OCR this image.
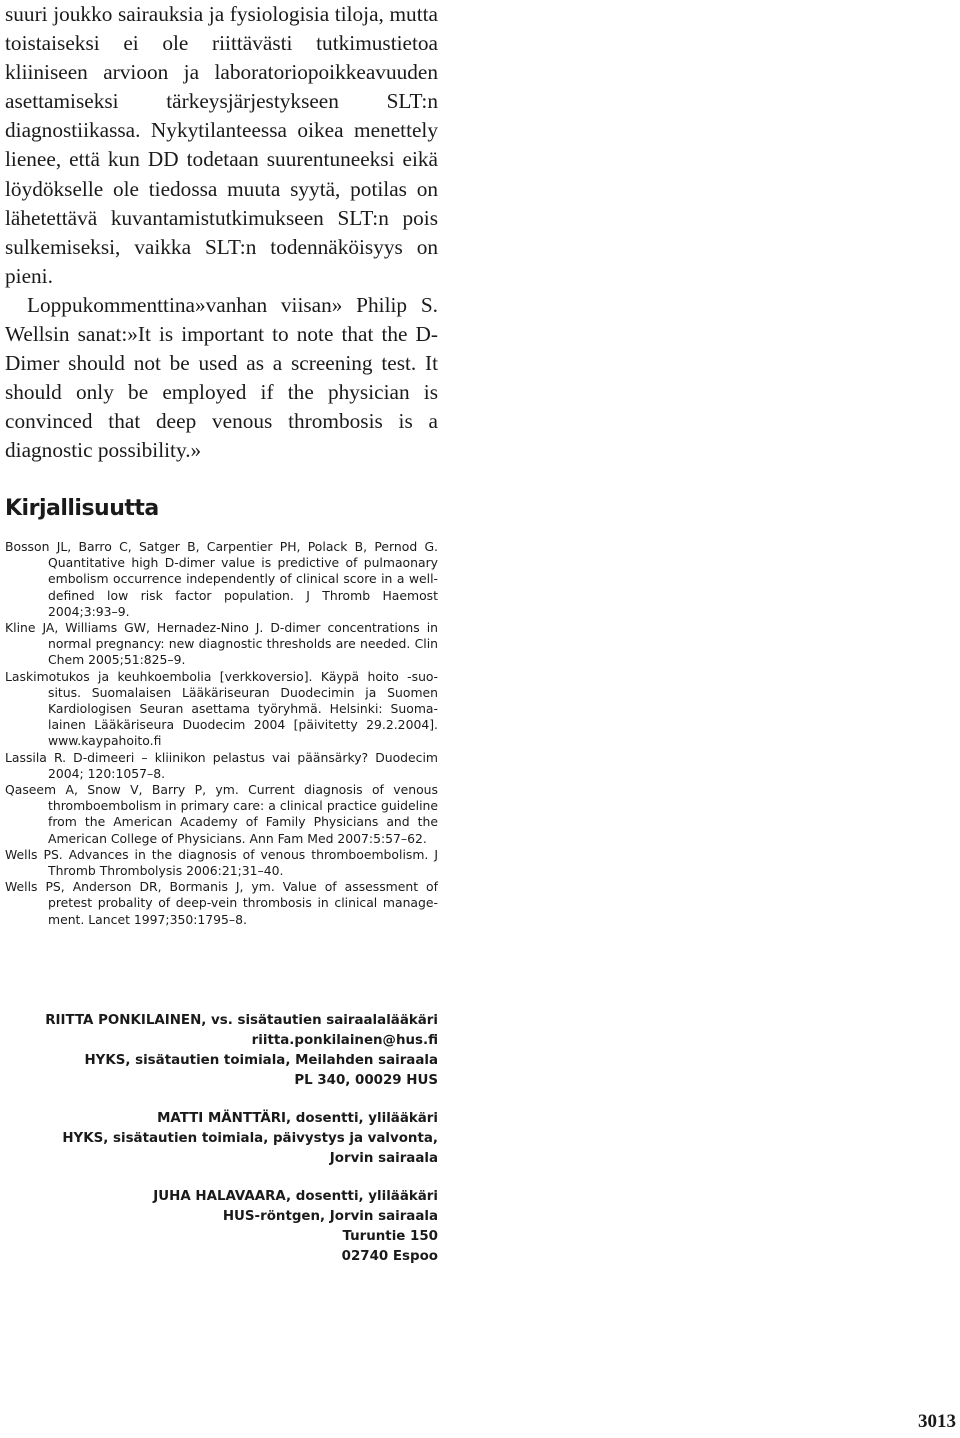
suuri joukko sairauksia ja fysiologisia tiloja, mutta toistaiseksi ei ole riittävästi tutkimustietoa kliiniseen arvioon ja laboratoriopoikkeavuuden asettamiseksi tärkeysjärjestykseen SLT:n diagnostiikassa. Nykytilanteessa oikea menettely lienee, että kun DD todetaan suurentuneeksi eikä löydökselle ole tiedossa muuta syytä, potilas on lähetettävä kuvantamistutkimukseen SLT:n pois sulkemiseksi, vaikka SLT:n todennäköisyys on pieni.

Loppukommenttina»vanhan viisan» Philip S. Wellsin sanat:»It is important to note that the D-Dimer should not be used as a screening test. It should only be employed if the physician is convinced that deep venous thrombosis is a diagnostic possibility.»

Kirjallisuutta
Bosson JL, Barro C, Satger B, Carpentier PH, Polack B, Pernod G. Quantitative high D-dimer value is predictive of pulmaonary embolism occurrence independently of clinical score in a well-defined low risk factor population. J Thromb Haemost 2004;3:93–9.
Kline JA, Williams GW, Hernadez-Nino J. D-dimer concentrations in normal pregnancy: new diagnostic thresholds are needed. Clin Chem 2005;51:825–9.
Laskimotukos ja keuhkoembolia [verkkoversio]. Käypä hoito -suositus. Suomalaisen Lääkäriseuran Duodecimin ja Suomen Kardiologisen Seuran asettama työryhmä. Helsinki: Suomalainen Lääkäriseura Duodecim 2004 [päivitetty 29.2.2004]. www.kaypahoito.fi
Lassila R. D-dimeeri – kliinikon pelastus vai päänsärky? Duodecim 2004; 120:1057–8.
Qaseem A, Snow V, Barry P, ym. Current diagnosis of venous thromboembolism in primary care: a clinical practice guideline from the American Academy of Family Physicians and the American College of Physicians. Ann Fam Med 2007:5:57–62.
Wells PS. Advances in the diagnosis of venous thromboembolism. J Thromb Thrombolysis 2006:21;31–40.
Wells PS, Anderson DR, Bormanis J, ym. Value of assessment of pretest probality of deep-vein thrombosis in clinical management. Lancet 1997;350:1795–8.
RIITTA PONKILAINEN, vs. sisätautien sairaalalääkäri
riitta.ponkilainen@hus.fi
HYKS, sisätautien toimiala, Meilahden sairaala
PL 340, 00029 HUS
MATTI MÄNTTÄRI, dosentti, ylilääkäri
HYKS, sisätautien toimiala, päivystys ja valvonta,
Jorvin sairaala
JUHA HALAVAARA, dosentti, ylilääkäri
HUS-röntgen, Jorvin sairaala
Turuntie 150
02740 Espoo
3013
